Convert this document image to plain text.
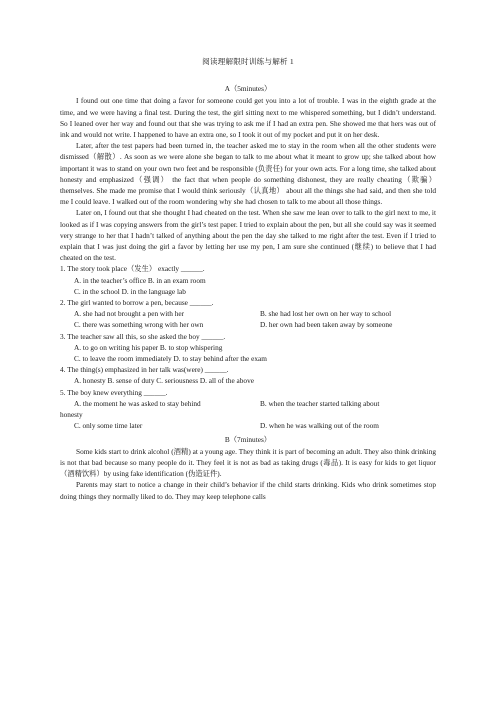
阅读理解限时训练与解析 1
A（5minutes）

I found out one time that doing a favor for someone could get you into a lot of trouble. I was in the eighth grade at the time, and we were having a final test. During the test, the girl sitting next to me whispered something, but I didn’t understand. So I leaned over her way and found out that she was trying to ask me if I had an extra pen. She showed me that hers was out of ink and would not write. I happened to have an extra one, so I took it out of my pocket and put it on her desk.

Later, after the test papers had been turned in, the teacher asked me to stay in the room when all the other students were dismissed（解散）. As soon as we were alone she began to talk to me about what it meant to grow up; she talked about how important it was to stand on your own two feet and be responsible (负责任) for your own acts. For a long time, she talked about honesty and emphasized（强调） the fact that when people do something dishonest, they are really cheating（欺骗） themselves. She made me promise that I would think seriously（认真地） about all the things she had said, and then she told me I could leave. I walked out of the room wondering why she had chosen to talk to me about all those things.

Later on, I found out that she thought I had cheated on the test. When she saw me lean over to talk to the girl next to me, it looked as if I was copying answers from the girl’s test paper. I tried to explain about the pen, but all she could say was it seemed very strange to her that I hadn’t talked of anything about the pen the day she talked to me right after the test. Even if I tried to explain that I was just doing the girl a favor by letting her use my pen, I am sure she continued (继续) to believe that I had cheated on the test.

1. The story took place（发生） exactly ______.

A. in the teacher’s office B. in an exam room

C. in the school D. in the language lab

2. The girl wanted to borrow a pen, because ______.

A. she had not brought a pen with her	B. she had lost her own on her way to school
C. there was something wrong with her own	D. her own had been taken away by someone

3. The teacher saw all this, so she asked the boy ______.

A. to go on writing his paper B. to stop whispering

C. to leave the room immediately D. to stay behind after the exam

4. The thing(s) emphasized in her talk was(were) ______.

A. honesty B. sense of duty C. seriousness D. all of the above

5. The boy knew everything ______.

A. the moment he was asked to stay behind	B. when the teacher started talking about

honesty

C. only some time later	D. when he was walking out of the room
B（7minutes）

Some kids start to drink alcohol (酒精) at a young age. They think it is part of becoming an adult. They also think drinking is not that bad because so many people do it. They feel it is not as bad as taking drugs (毒品). It is easy for kids to get liquor （酒精饮料）by using fake identification (伪造证件).

Parents may start to notice a change in their child’s behavior if the child starts drinking. Kids who drink sometimes stop doing things they normally liked to do. They may keep telephone calls
